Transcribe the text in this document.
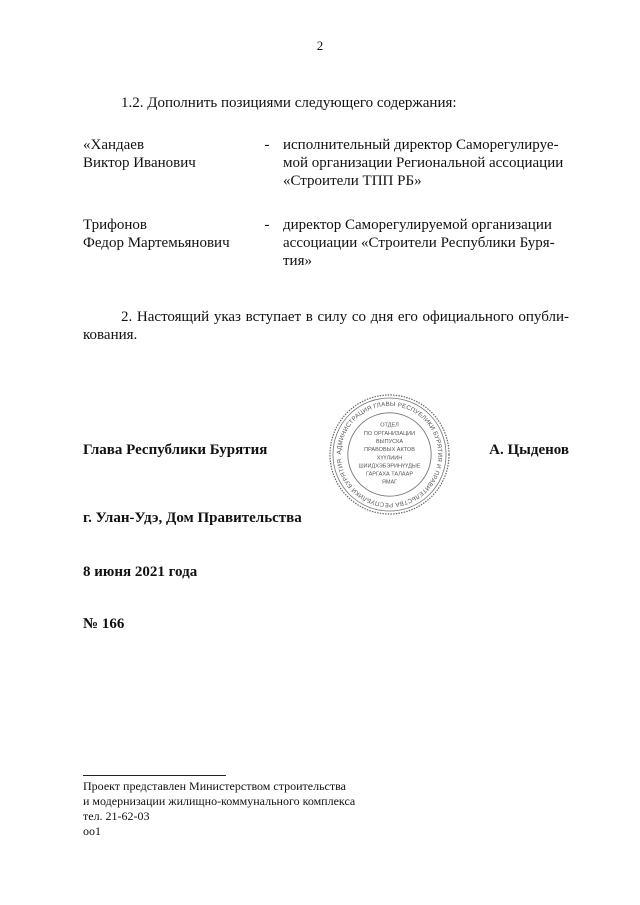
2
1.2. Дополнить позициями следующего содержания:
«Хандаев
Виктор Иванович
- исполнительный директор Саморегулируе-
мой организации Региональной ассоциации
«Строители ТПП РБ»
Трифонов
Федор Мартемьянович
- директор Саморегулируемой организации
ассоциации «Строители Республики Буря-
тия»
2. Настоящий указ вступает в силу со дня его официального опубли-
кования.
АДМИНИСТРАЦИЯ ГЛАВЫ РЕСПУБЛИКИ БУРЯТИЯ И ПРАВИТЕЛЬСТВА РЕСПУБЛИКИ БУРЯТИЯ
ОТДЕЛ
ПО ОРГАНИЗАЦИИ
ВЫПУСКА
ПРАВОВЫХ АКТОВ
ХҮҮЛИИН
ШИИДХЭБЭРИНҮҮДЫЕ
ГАРГАХА ТАЛААР
ЯМАГ
Глава Республики Бурятия	А. Цыденов
г. Улан-Удэ, Дом Правительства
8 июня 2021 года
№ 166
Проект представлен Министерством строительства
и модернизации жилищно-коммунального комплекса
тел. 21-62-03
оо1
